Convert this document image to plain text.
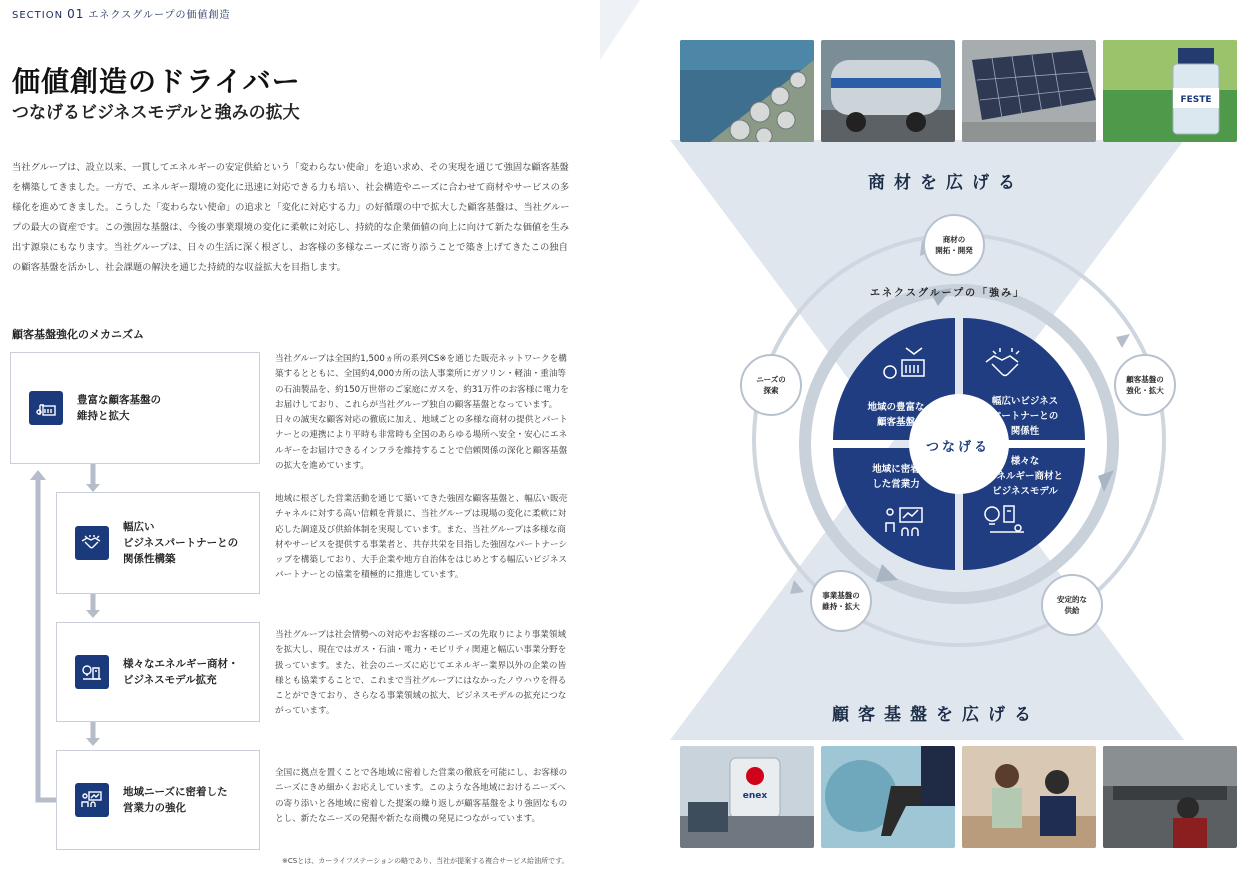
SECTION 01 エネクスグループの価値創造
価値創造のドライバー
つなげるビジネスモデルと強みの拡大
当社グループは、設立以来、一貫してエネルギーの安定供給という「変わらない使命」を追い求め、その実現を通じて強固な顧客基盤を構築してきました。一方で、エネルギー環境の変化に迅速に対応できる力も培い、社会構造やニーズに合わせて商材やサービスの多様化を進めてきました。こうした「変わらない使命」の追求と「変化に対応する力」の好循環の中で拡大した顧客基盤は、当社グループの最大の資産です。この強固な基盤は、今後の事業環境の変化に柔軟に対応し、持続的な企業価値の向上に向けて新たな価値を生み出す源泉にもなります。当社グループは、日々の生活に深く根ざし、お客様の多様なニーズに寄り添うことで築き上げてきたこの独自の顧客基盤を活かし、社会課題の解決を通じた持続的な収益拡大を目指します。
顧客基盤強化のメカニズム
豊富な顧客基盤の
維持と拡大
当社グループは全国約1,500ヵ所の系列CS※を通じた販売ネットワークを構築するとともに、全国約4,000カ所の法人事業所にガソリン・軽油・重油等の石油製品を、約150万世帯のご家庭にガスを、約31万件のお客様に電力をお届けしており、これらが当社グループ独自の顧客基盤となっています。日々の誠実な顧客対応の徹底に加え、地域ごとの多様な商材の提供とパートナーとの連携により平時も非常時も全国のあらゆる場所へ安全・安心にエネルギーをお届けできるインフラを維持することで信頼関係の深化と顧客基盤の拡大を進めています。
幅広い
ビジネスパートナーとの
関係性構築
地域に根ざした営業活動を通じて築いてきた強固な顧客基盤と、幅広い販売チャネルに対する高い信頼を背景に、当社グループは現場の変化に柔軟に対応した調達及び供給体制を実現しています。また、当社グループは多様な商材やサービスを提供する事業者と、共存共栄を目指した強固なパートナーシップを構築しており、大手企業や地方自治体をはじめとする幅広いビジネスパートナーとの協業を積極的に推進しています。
様々なエネルギー商材・
ビジネスモデル拡充
当社グループは社会情勢への対応やお客様のニーズの先取りにより事業領域を拡大し、現在ではガス・石油・電力・モビリティ関連と幅広い事業分野を扱っています。また、社会のニーズに応じてエネルギー業界以外の企業の皆様とも協業することで、これまで当社グループにはなかったノウハウを得ることができており、さらなる事業領域の拡大、ビジネスモデルの拡充につながっています。
地域ニーズに密着した
営業力の強化
全国に拠点を置くことで各地域に密着した営業の徹底を可能にし、お客様のニーズにきめ細かくお応えしています。このような各地域におけるニーズへの寄り添いと各地域に密着した提案の繰り返しが顧客基盤をより強固なものとし、新たなニーズの発掘や新たな商機の発見につながっています。
※CSとは、カーライフステーションの略であり、当社が提案する複合サービス給油所です。
FESTE
商材を広げる
顧客基盤を広げる
エネクスグループの「強み」
地域の豊富な
顧客基盤
幅広いビジネス
パートナーとの
関係性
地域に密着
した営業力
様々な
エネルギー商材と
ビジネスモデル
つなげる
商材の
開拓・開発
顧客基盤の
強化・拡大
安定的な
供給
事業基盤の
維持・拡大
ニーズの
探索
enex
